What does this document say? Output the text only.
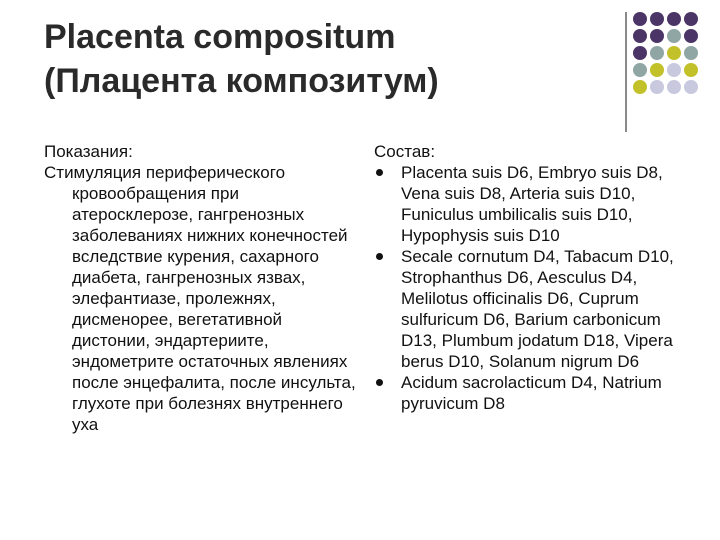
Placenta compositum
(Плацента композитум)

Показания:

Стимуляция периферического кровообращения при атеросклерозе, гангренозных заболеваниях нижних конечностей вследствие курения, сахарного диабета, гангренозных язвах, элефантиазе, пролежнях, дисменорее, вегетативной дистонии, эндартериите, эндометрите остаточных явлениях после энцефалита, после инсульта, глухоте при болезнях внутреннего уха

Состав:

Placenta suis D6, Embryo suis D8, Vena suis D8, Arteria suis D10, Funiculus umbilicalis suis D10, Hypophysis suis D10
Secale cornutum D4, Tabacum D10, Strophanthus D6, Aesculus D4, Melilotus officinalis D6, Cuprum sulfuricum D6, Barium carbonicum D13, Plumbum jodatum D18, Vipera berus D10, Solanum nigrum D6
Acidum sacrolacticum D4, Natrium pyruvicum D8
